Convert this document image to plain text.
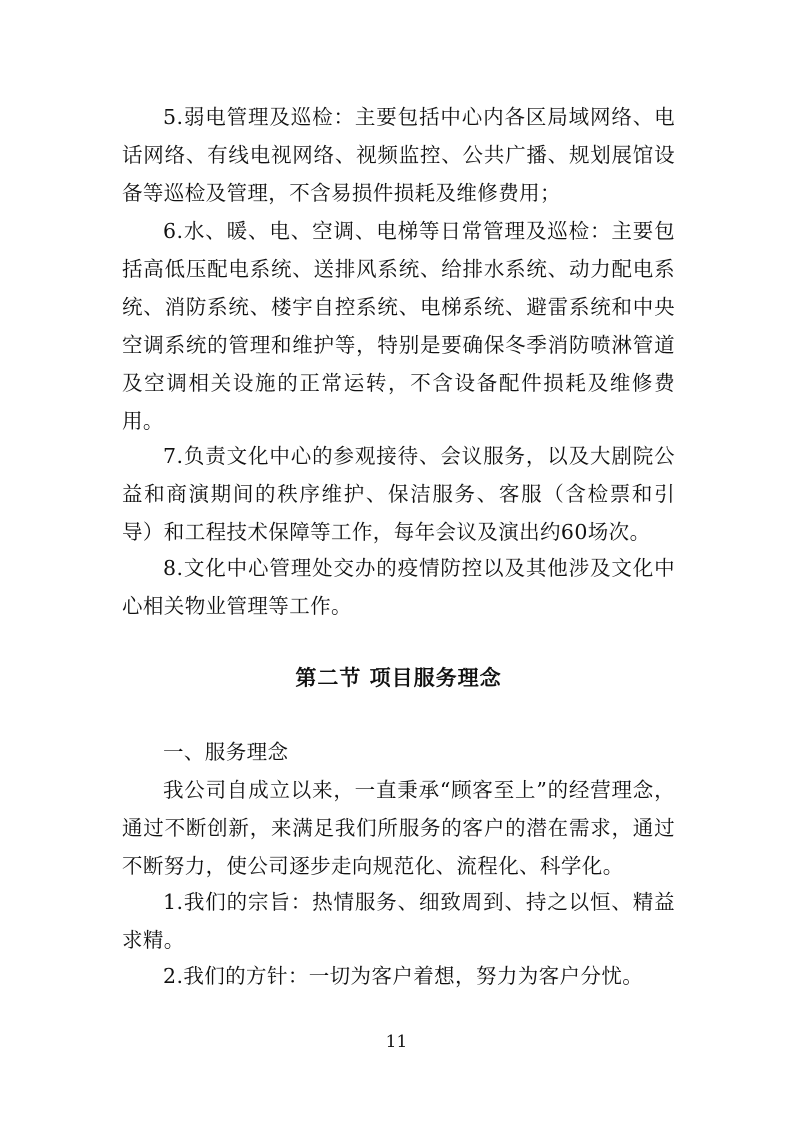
5.弱电管理及巡检：主要包括中心内各区局域网络、电话网络、有线电视网络、视频监控、公共广播、规划展馆设备等巡检及管理，不含易损件损耗及维修费用；

6.水、暖、电、空调、电梯等日常管理及巡检：主要包括高低压配电系统、送排风系统、给排水系统、动力配电系统、消防系统、楼宇自控系统、电梯系统、避雷系统和中央空调系统的管理和维护等，特别是要确保冬季消防喷淋管道及空调相关设施的正常运转，不含设备配件损耗及维修费用。

7.负责文化中心的参观接待、会议服务，以及大剧院公益和商演期间的秩序维护、保洁服务、客服（含检票和引导）和工程技术保障等工作，每年会议及演出约60场次。

8.文化中心管理处交办的疫情防控以及其他涉及文化中心相关物业管理等工作。

第二节 项目服务理念

一、服务理念

我公司自成立以来，一直秉承“顾客至上”的经营理念，通过不断创新，来满足我们所服务的客户的潜在需求，通过不断努力，使公司逐步走向规范化、流程化、科学化。

1.我们的宗旨：热情服务、细致周到、持之以恒、精益求精。

2.我们的方针：一切为客户着想，努力为客户分忧。

11
